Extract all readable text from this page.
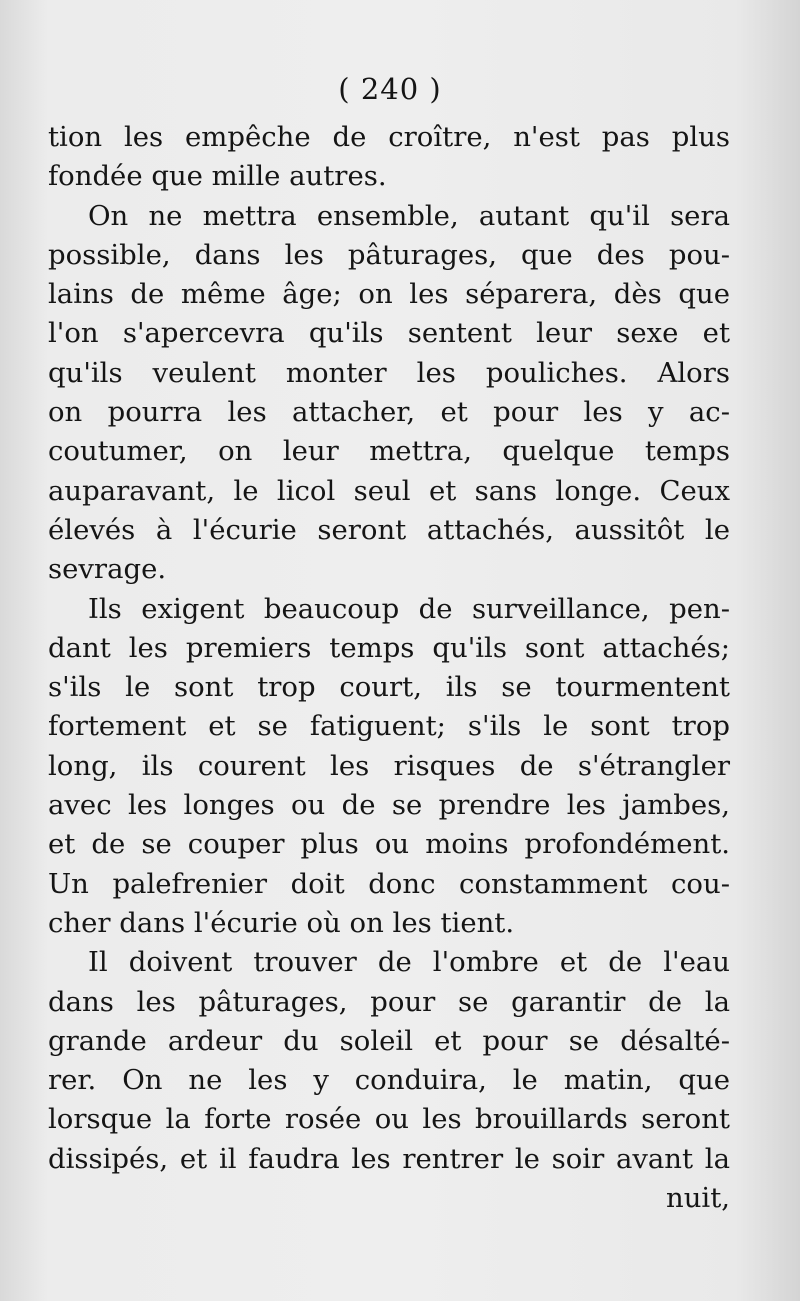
( 240 )
tion les empêche de croître, n'est pas plus
fondée que mille autres.
On ne mettra ensemble, autant qu'il sera
possible, dans les pâturages, que des pou-
lains de même âge; on les séparera, dès que
l'on s'apercevra qu'ils sentent leur sexe et
qu'ils veulent monter les pouliches. Alors
on pourra les attacher, et pour les y ac-
coutumer, on leur mettra, quelque temps
auparavant, le licol seul et sans longe. Ceux
élevés à l'écurie seront attachés, aussitôt le
sevrage.
Ils exigent beaucoup de surveillance, pen-
dant les premiers temps qu'ils sont attachés;
s'ils le sont trop court, ils se tourmentent
fortement et se fatiguent; s'ils le sont trop
long, ils courent les risques de s'étrangler
avec les longes ou de se prendre les jambes,
et de se couper plus ou moins profondément.
Un palefrenier doit donc constamment cou-
cher dans l'écurie où on les tient.
Il doivent trouver de l'ombre et de l'eau
dans les pâturages, pour se garantir de la
grande ardeur du soleil et pour se désalté-
rer. On ne les y conduira, le matin, que
lorsque la forte rosée ou les brouillards seront
dissipés, et il faudra les rentrer le soir avant la
nuit,
